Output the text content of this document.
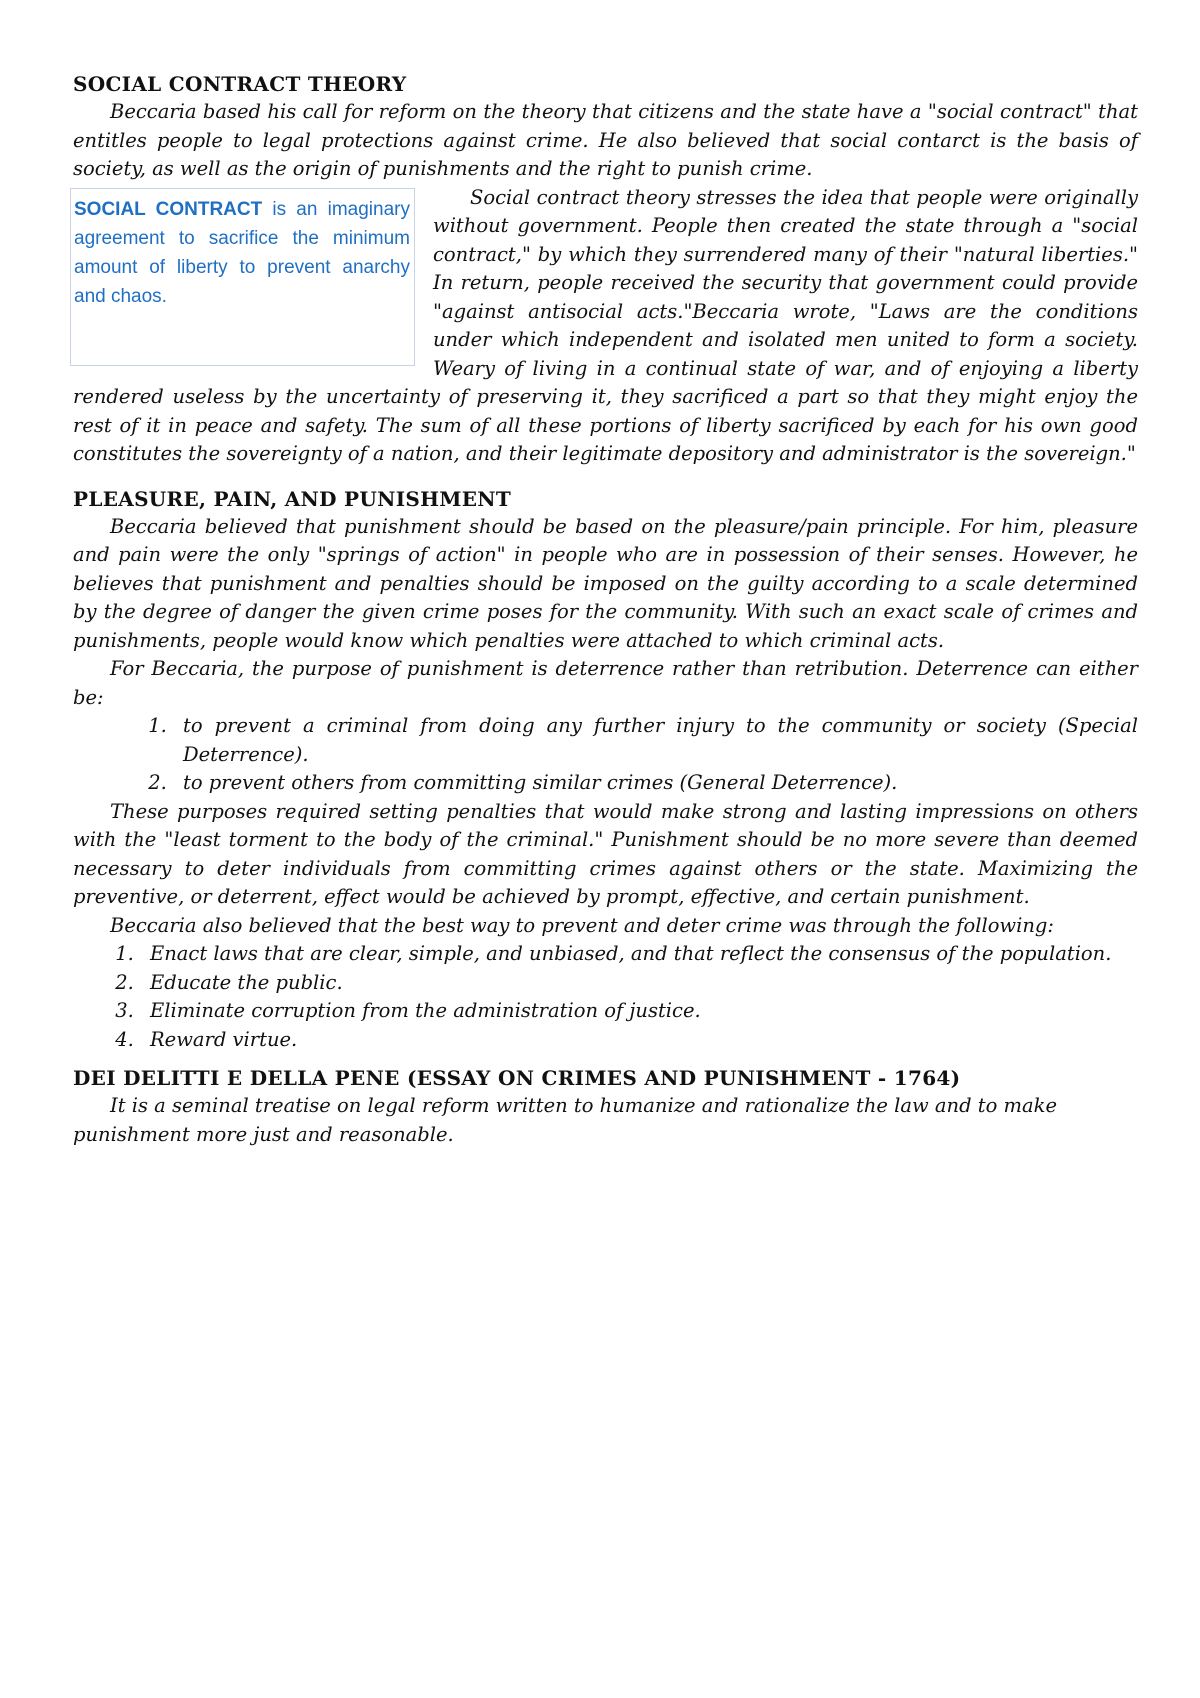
SOCIAL CONTRACT THEORY

Beccaria based his call for reform on the theory that citizens and the state have a "social contract" that entitles people to legal protections against crime. He also believed that social contarct is the basis of society, as well as the origin of punishments and the right to punish crime.

SOCIAL CONTRACT is an imaginary agreement to sacrifice the minimum amount of liberty to prevent anarchy and chaos.

Social contract theory stresses the idea that people were originally without government. People then created the state through a "social contract," by which they surrendered many of their "natural liberties." In return, people received the security that government could provide "against antisocial acts."Beccaria wrote, "Laws are the conditions under which independent and isolated men united to form a society. Weary of living in a continual state of war, and of enjoying a liberty rendered useless by the uncertainty of preserving it, they sacrificed a part so that they might enjoy the rest of it in peace and safety. The sum of all these portions of liberty sacrificed by each for his own good constitutes the sovereignty of a nation, and their legitimate depository and administrator is the sovereign."

PLEASURE, PAIN, AND PUNISHMENT

Beccaria believed that punishment should be based on the pleasure/pain principle. For him, pleasure and pain were the only "springs of action" in people who are in possession of their senses. However, he believes that punishment and penalties should be imposed on the guilty according to a scale determined by the degree of danger the given crime poses for the community. With such an exact scale of crimes and punishments, people would know which penalties were attached to which criminal acts.

For Beccaria, the purpose of punishment is deterrence rather than retribution. Deterrence can either be:

1. to prevent a criminal from doing any further injury to the community or society (Special Deterrence).
2. to prevent others from committing similar crimes (General Deterrence).

These purposes required setting penalties that would make strong and lasting impressions on others with the "least torment to the body of the criminal." Punishment should be no more severe than deemed necessary to deter individuals from committing crimes against others or the state. Maximizing the preventive, or deterrent, effect would be achieved by prompt, effective, and certain punishment.

Beccaria also believed that the best way to prevent and deter crime was through the following:

1. Enact laws that are clear, simple, and unbiased, and that reflect the consensus of the population.
2. Educate the public.
3. Eliminate corruption from the administration of justice.
4. Reward virtue.
DEI DELITTI E DELLA PENE (ESSAY ON CRIMES AND PUNISHMENT - 1764)

It is a seminal treatise on legal reform written to humanize and rationalize the law and to make punishment more just and reasonable.
